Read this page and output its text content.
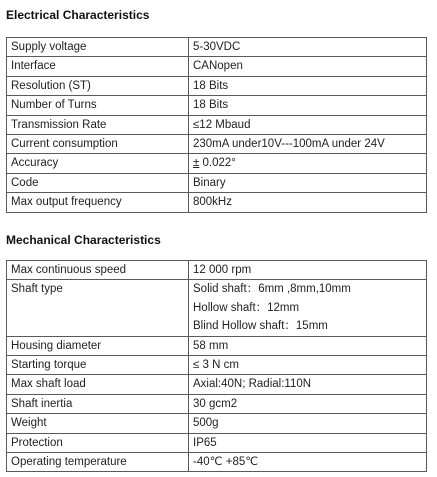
Electrical Characteristics
Supply voltage	5-30VDC
Interface	CANopen
Resolution (ST)	18 Bits
Number of Turns	18 Bits
Transmission Rate	≤12 Mbaud
Current consumption	230mA under10V---100mA under 24V
Accuracy	± 0.022°
Code	Binary
Max output frequency	800kHz
Mechanical Characteristics
Max continuous speed	12 000 rpm
Shaft type	Solid shaft：6mm ,8mm,10mm
Hollow shaft：12mm
Blind Hollow shaft：15mm

Housing diameter	58 mm
Starting torque	≤ 3 N cm
Max shaft load	Axial:40N; Radial:110N
Shaft inertia	30 gcm2
Weight	500g
Protection	IP65
Operating temperature	-40℃ +85℃
